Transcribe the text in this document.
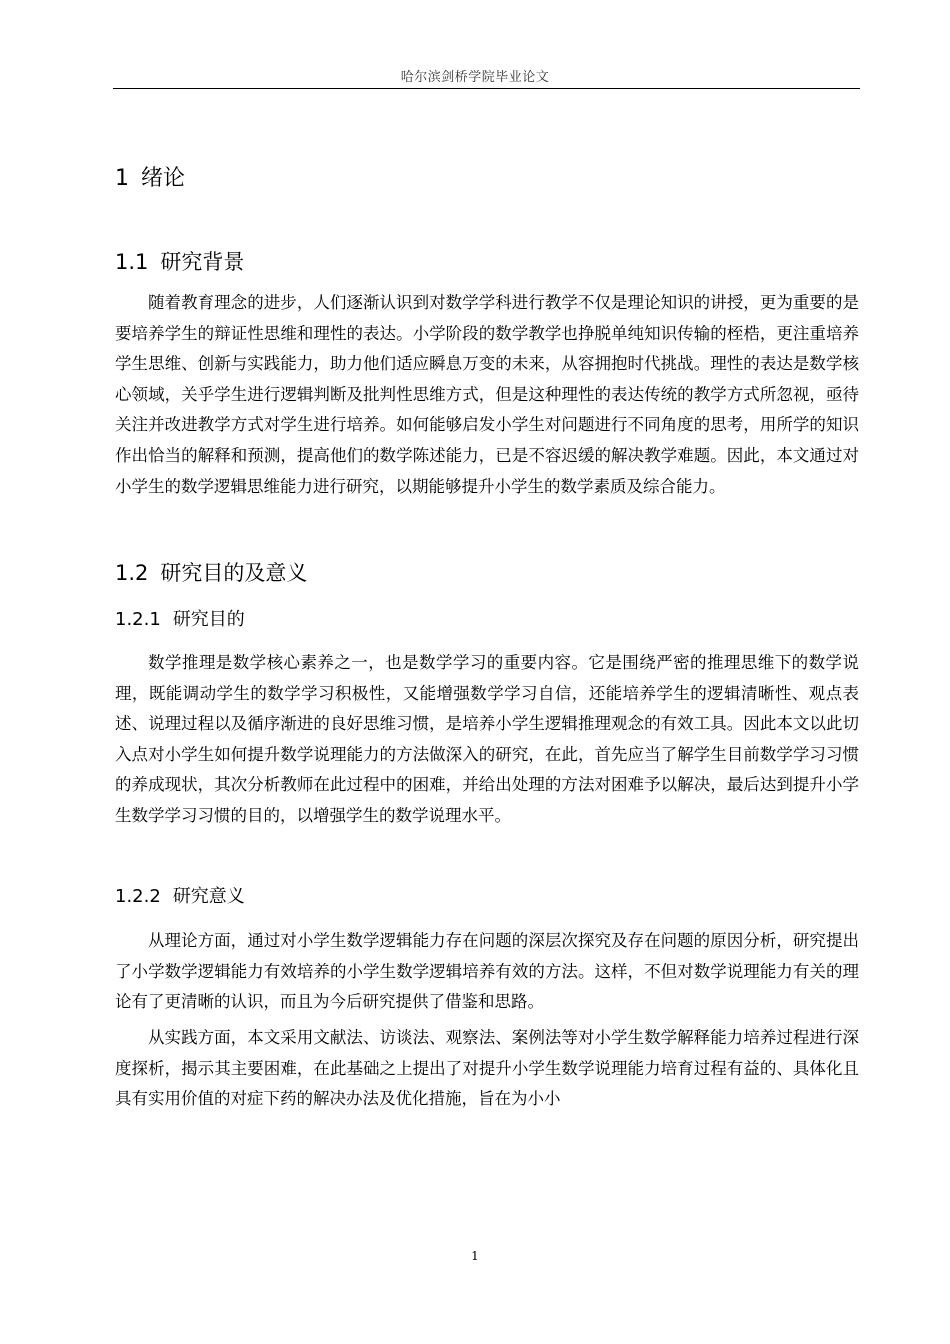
哈尔滨剑桥学院毕业论文
1 绪论
1.1 研究背景

随着教育理念的进步，人们逐渐认识到对数学学科进行教学不仅是理论知识的讲授，更为重要的是要培养学生的辩证性思维和理性的表达。小学阶段的数学教学也挣脱单纯知识传输的桎梏，更注重培养学生思维、创新与实践能力，助力他们适应瞬息万变的未来，从容拥抱时代挑战。理性的表达是数学核心领域，关乎学生进行逻辑判断及批判性思维方式，但是这种理性的表达传统的教学方式所忽视，亟待关注并改进教学方式对学生进行培养。如何能够启发小学生对问题进行不同角度的思考，用所学的知识作出恰当的解释和预测，提高他们的数学陈述能力，已是不容迟缓的解决教学难题。因此，本文通过对小学生的数学逻辑思维能力进行研究，以期能够提升小学生的数学素质及综合能力。

1.2 研究目的及意义
1.2.1 研究目的

数学推理是数学核心素养之一，也是数学学习的重要内容。它是围绕严密的推理思维下的数学说理，既能调动学生的数学学习积极性，又能增强数学学习自信，还能培养学生的逻辑清晰性、观点表述、说理过程以及循序渐进的良好思维习惯，是培养小学生逻辑推理观念的有效工具。因此本文以此切入点对小学生如何提升数学说理能力的方法做深入的研究，在此，首先应当了解学生目前数学学习习惯的养成现状，其次分析教师在此过程中的困难，并给出处理的方法对困难予以解决，最后达到提升小学生数学学习习惯的目的，以增强学生的数学说理水平。

1.2.2 研究意义

从理论方面，通过对小学生数学逻辑能力存在问题的深层次探究及存在问题的原因分析，研究提出了小学数学逻辑能力有效培养的小学生数学逻辑培养有效的方法。这样，不但对数学说理能力有关的理论有了更清晰的认识，而且为今后研究提供了借鉴和思路。

从实践方面，本文采用文献法、访谈法、观察法、案例法等对小学生数学解释能力培养过程进行深度探析，揭示其主要困难，在此基础之上提出了对提升小学生数学说理能力培育过程有益的、具体化且具有实用价值的对症下药的解决办法及优化措施，旨在为小小

1
